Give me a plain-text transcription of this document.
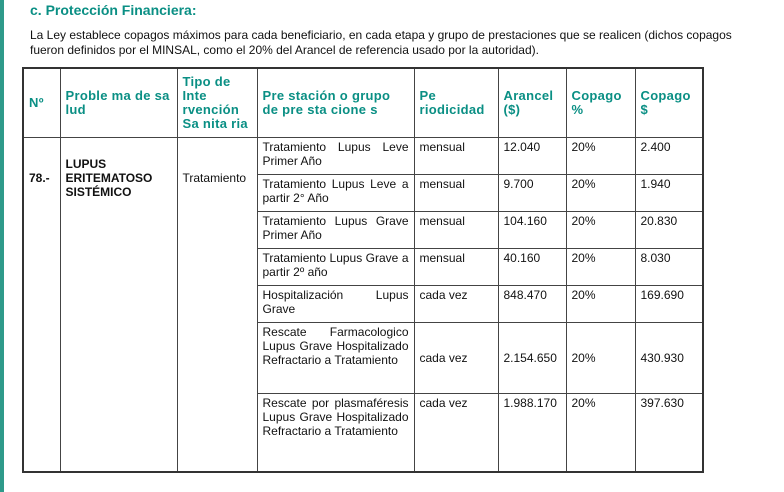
c. Protección Financiera:
La Ley establece copagos máximos para cada beneficiario, en cada etapa y grupo de prestaciones que se realicen (dichos copagos fueron definidos por el MINSAL, como el 20% del Arancel de referencia usado por la autoridad).
Nº	Proble ma de sa lud	Tipo de Inte rvención Sa nita ria	Pre stación o grupo de pre sta cione s	Pe riodicidad	Arancel ($)	Copago %	Copago $
78.-	LUPUS ERITEMATOSO SISTÉMICO	Tratamiento	Tratamiento Lupus Leve Primer Año	mensual	12.040	20%	2.400
			Tratamiento Lupus Leve a partir 2° Año	mensual	9.700	20%	1.940
			Tratamiento Lupus Grave Primer Año	mensual	104.160	20%	20.830
			Tratamiento Lupus Grave a partir 2º año	mensual	40.160	20%	8.030
			Hospitalización Lupus Grave	cada vez	848.470	20%	169.690
			Rescate Farmacologico Lupus Grave Hospitalizado Refractario a Tratamiento	cada vez	2.154.650	20%	430.930
			Rescate por plasmaféresis Lupus Grave Hospitalizado Refractario a Tratamiento	cada vez	1.988.170	20%	397.630
